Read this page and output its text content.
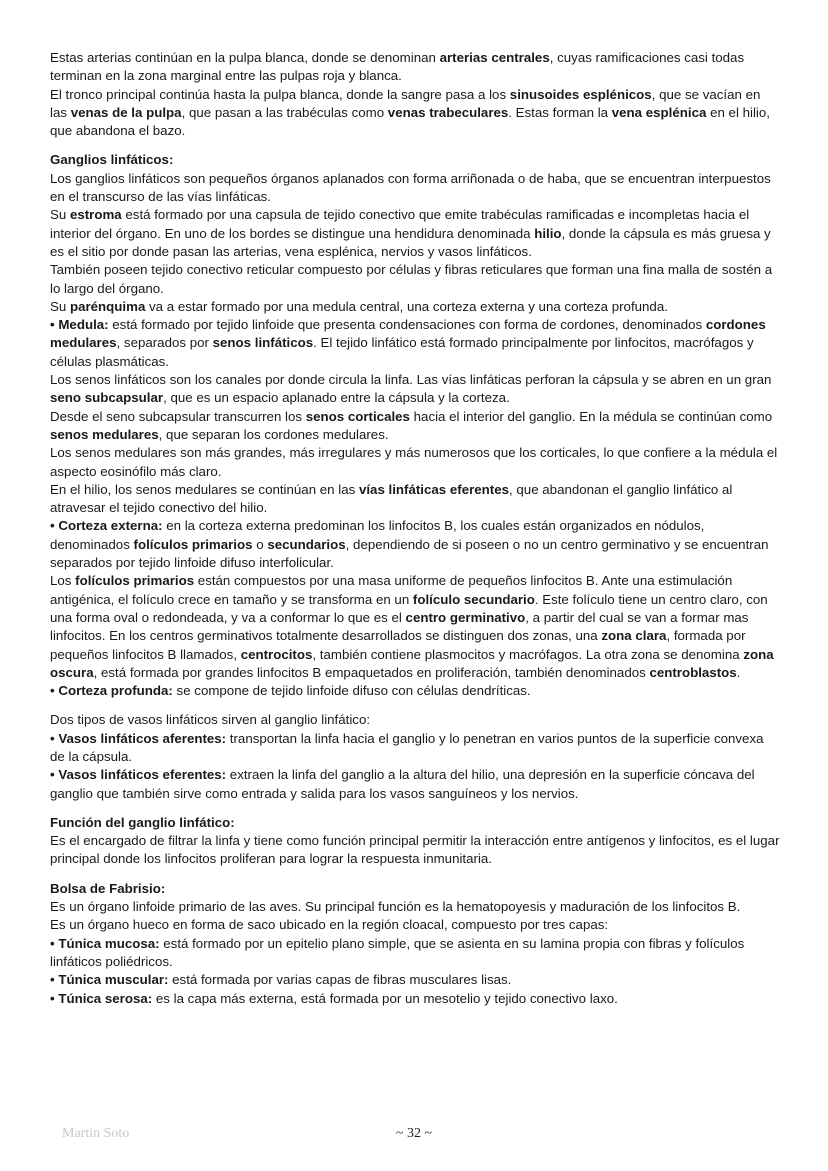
Estas arterias continúan en la pulpa blanca, donde se denominan arterias centrales, cuyas ramificaciones casi todas terminan en la zona marginal entre las pulpas roja y blanca.

El tronco principal continúa hasta la pulpa blanca, donde la sangre pasa a los sinusoides esplénicos, que se vacían en las venas de la pulpa, que pasan a las trabéculas como venas trabeculares. Estas forman la vena esplénica en el hilio, que abandona el bazo.

Ganglios linfáticos:

Los ganglios linfáticos son pequeños órganos aplanados con forma arriñonada o de haba, que se encuentran interpuestos en el transcurso de las vías linfáticas.

Su estroma está formado por una capsula de tejido conectivo que emite trabéculas ramificadas e incompletas hacia el interior del órgano. En uno de los bordes se distingue una hendidura denominada hilio, donde la cápsula es más gruesa y es el sitio por donde pasan las arterias, vena esplénica, nervios y vasos linfáticos.

También poseen tejido conectivo reticular compuesto por células y fibras reticulares que forman una fina malla de sostén a lo largo del órgano.

Su parénquima va a estar formado por una medula central, una corteza externa y una corteza profunda.

• Medula: está formado por tejido linfoide que presenta condensaciones con forma de cordones, denominados cordones medulares, separados por senos linfáticos. El tejido linfático está formado principalmente por linfocitos, macrófagos y células plasmáticas.

Los senos linfáticos son los canales por donde circula la linfa. Las vías linfáticas perforan la cápsula y se abren en un gran seno subcapsular, que es un espacio aplanado entre la cápsula y la corteza.

Desde el seno subcapsular transcurren los senos corticales hacia el interior del ganglio. En la médula se continúan como senos medulares, que separan los cordones medulares.

Los senos medulares son más grandes, más irregulares y más numerosos que los corticales, lo que confiere a la médula el aspecto eosinófilo más claro.

En el hilio, los senos medulares se continúan en las vías linfáticas eferentes, que abandonan el ganglio linfático al atravesar el tejido conectivo del hilio.

• Corteza externa: en la corteza externa predominan los linfocitos B, los cuales están organizados en nódulos, denominados folículos primarios o secundarios, dependiendo de si poseen o no un centro germinativo y se encuentran separados por tejido linfoide difuso interfolicular.

Los folículos primarios están compuestos por una masa uniforme de pequeños linfocitos B. Ante una estimulación antigénica, el folículo crece en tamaño y se transforma en un folículo secundario. Este folículo tiene un centro claro, con una forma oval o redondeada, y va a conformar lo que es el centro germinativo, a partir del cual se van a formar mas linfocitos. En los centros germinativos totalmente desarrollados se distinguen dos zonas, una zona clara, formada por pequeños linfocitos B llamados, centrocitos, también contiene plasmocitos y macrófagos. La otra zona se denomina zona oscura, está formada por grandes linfocitos B empaquetados en proliferación, también denominados centroblastos.

• Corteza profunda: se compone de tejido linfoide difuso con células dendríticas.

Dos tipos de vasos linfáticos sirven al ganglio linfático:

• Vasos linfáticos aferentes: transportan la linfa hacia el ganglio y lo penetran en varios puntos de la superficie convexa de la cápsula.

• Vasos linfáticos eferentes: extraen la linfa del ganglio a la altura del hilio, una depresión en la superficie cóncava del ganglio que también sirve como entrada y salida para los vasos sanguíneos y los nervios.

Función del ganglio linfático:

Es el encargado de filtrar la linfa y tiene como función principal permitir la interacción entre antígenos y linfocitos, es el lugar principal donde los linfocitos proliferan para lograr la respuesta inmunitaria.

Bolsa de Fabrisio:

Es un órgano linfoide primario de las aves. Su principal función es la hematopoyesis y maduración de los linfocitos B.

Es un órgano hueco en forma de saco ubicado en la región cloacal, compuesto por tres capas:

• Túnica mucosa: está formado por un epitelio plano simple, que se asienta en su lamina propia con fibras y folículos linfáticos poliédricos.

• Túnica muscular: está formada por varias capas de fibras musculares lisas.

• Túnica serosa: es la capa más externa, está formada por un mesotelio y tejido conectivo laxo.

Martin Soto	~ 32 ~
